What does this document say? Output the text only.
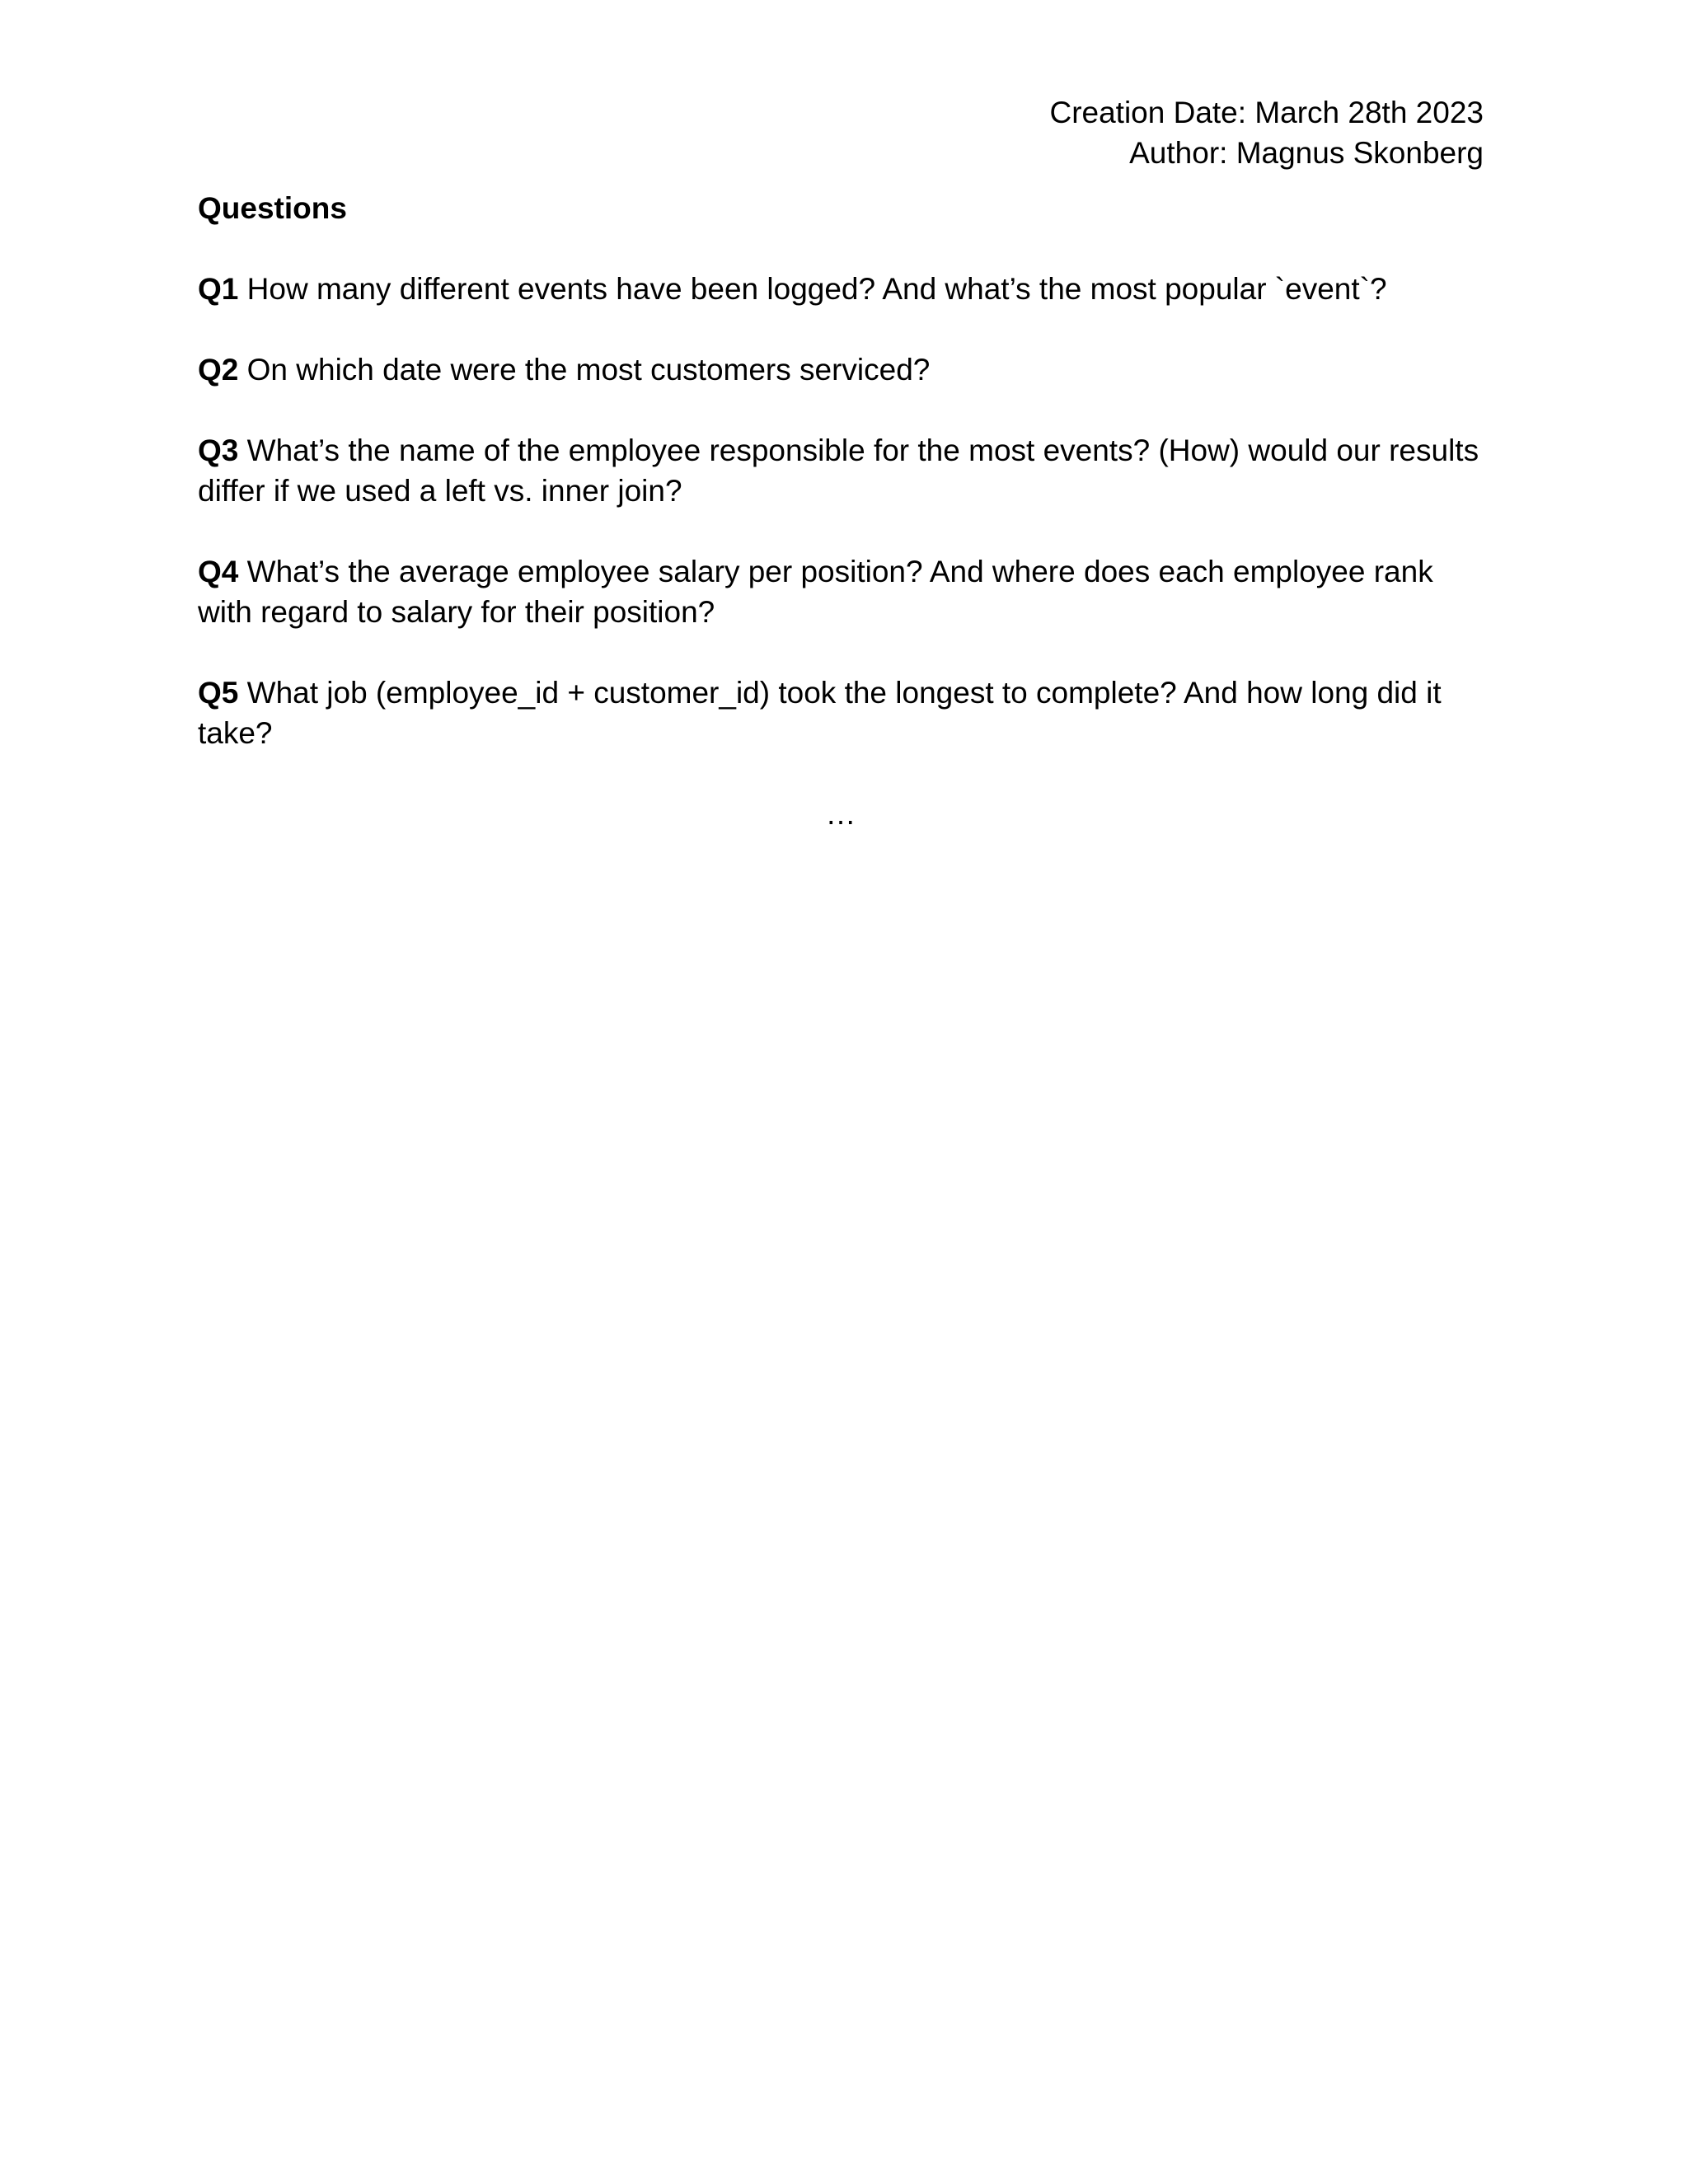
Creation Date: March 28th 2023
Author: Magnus Skonberg
Questions
Q1 How many different events have been logged? And what’s the most popular `event`?
Q2 On which date were the most customers serviced?
Q3 What’s the name of the employee responsible for the most events? (How) would our results differ if we used a left vs. inner join?
Q4 What’s the average employee salary per position? And where does each employee rank with regard to salary for their position?
Q5 What job (employee_id + customer_id) took the longest to complete? And how long did it take?
…
